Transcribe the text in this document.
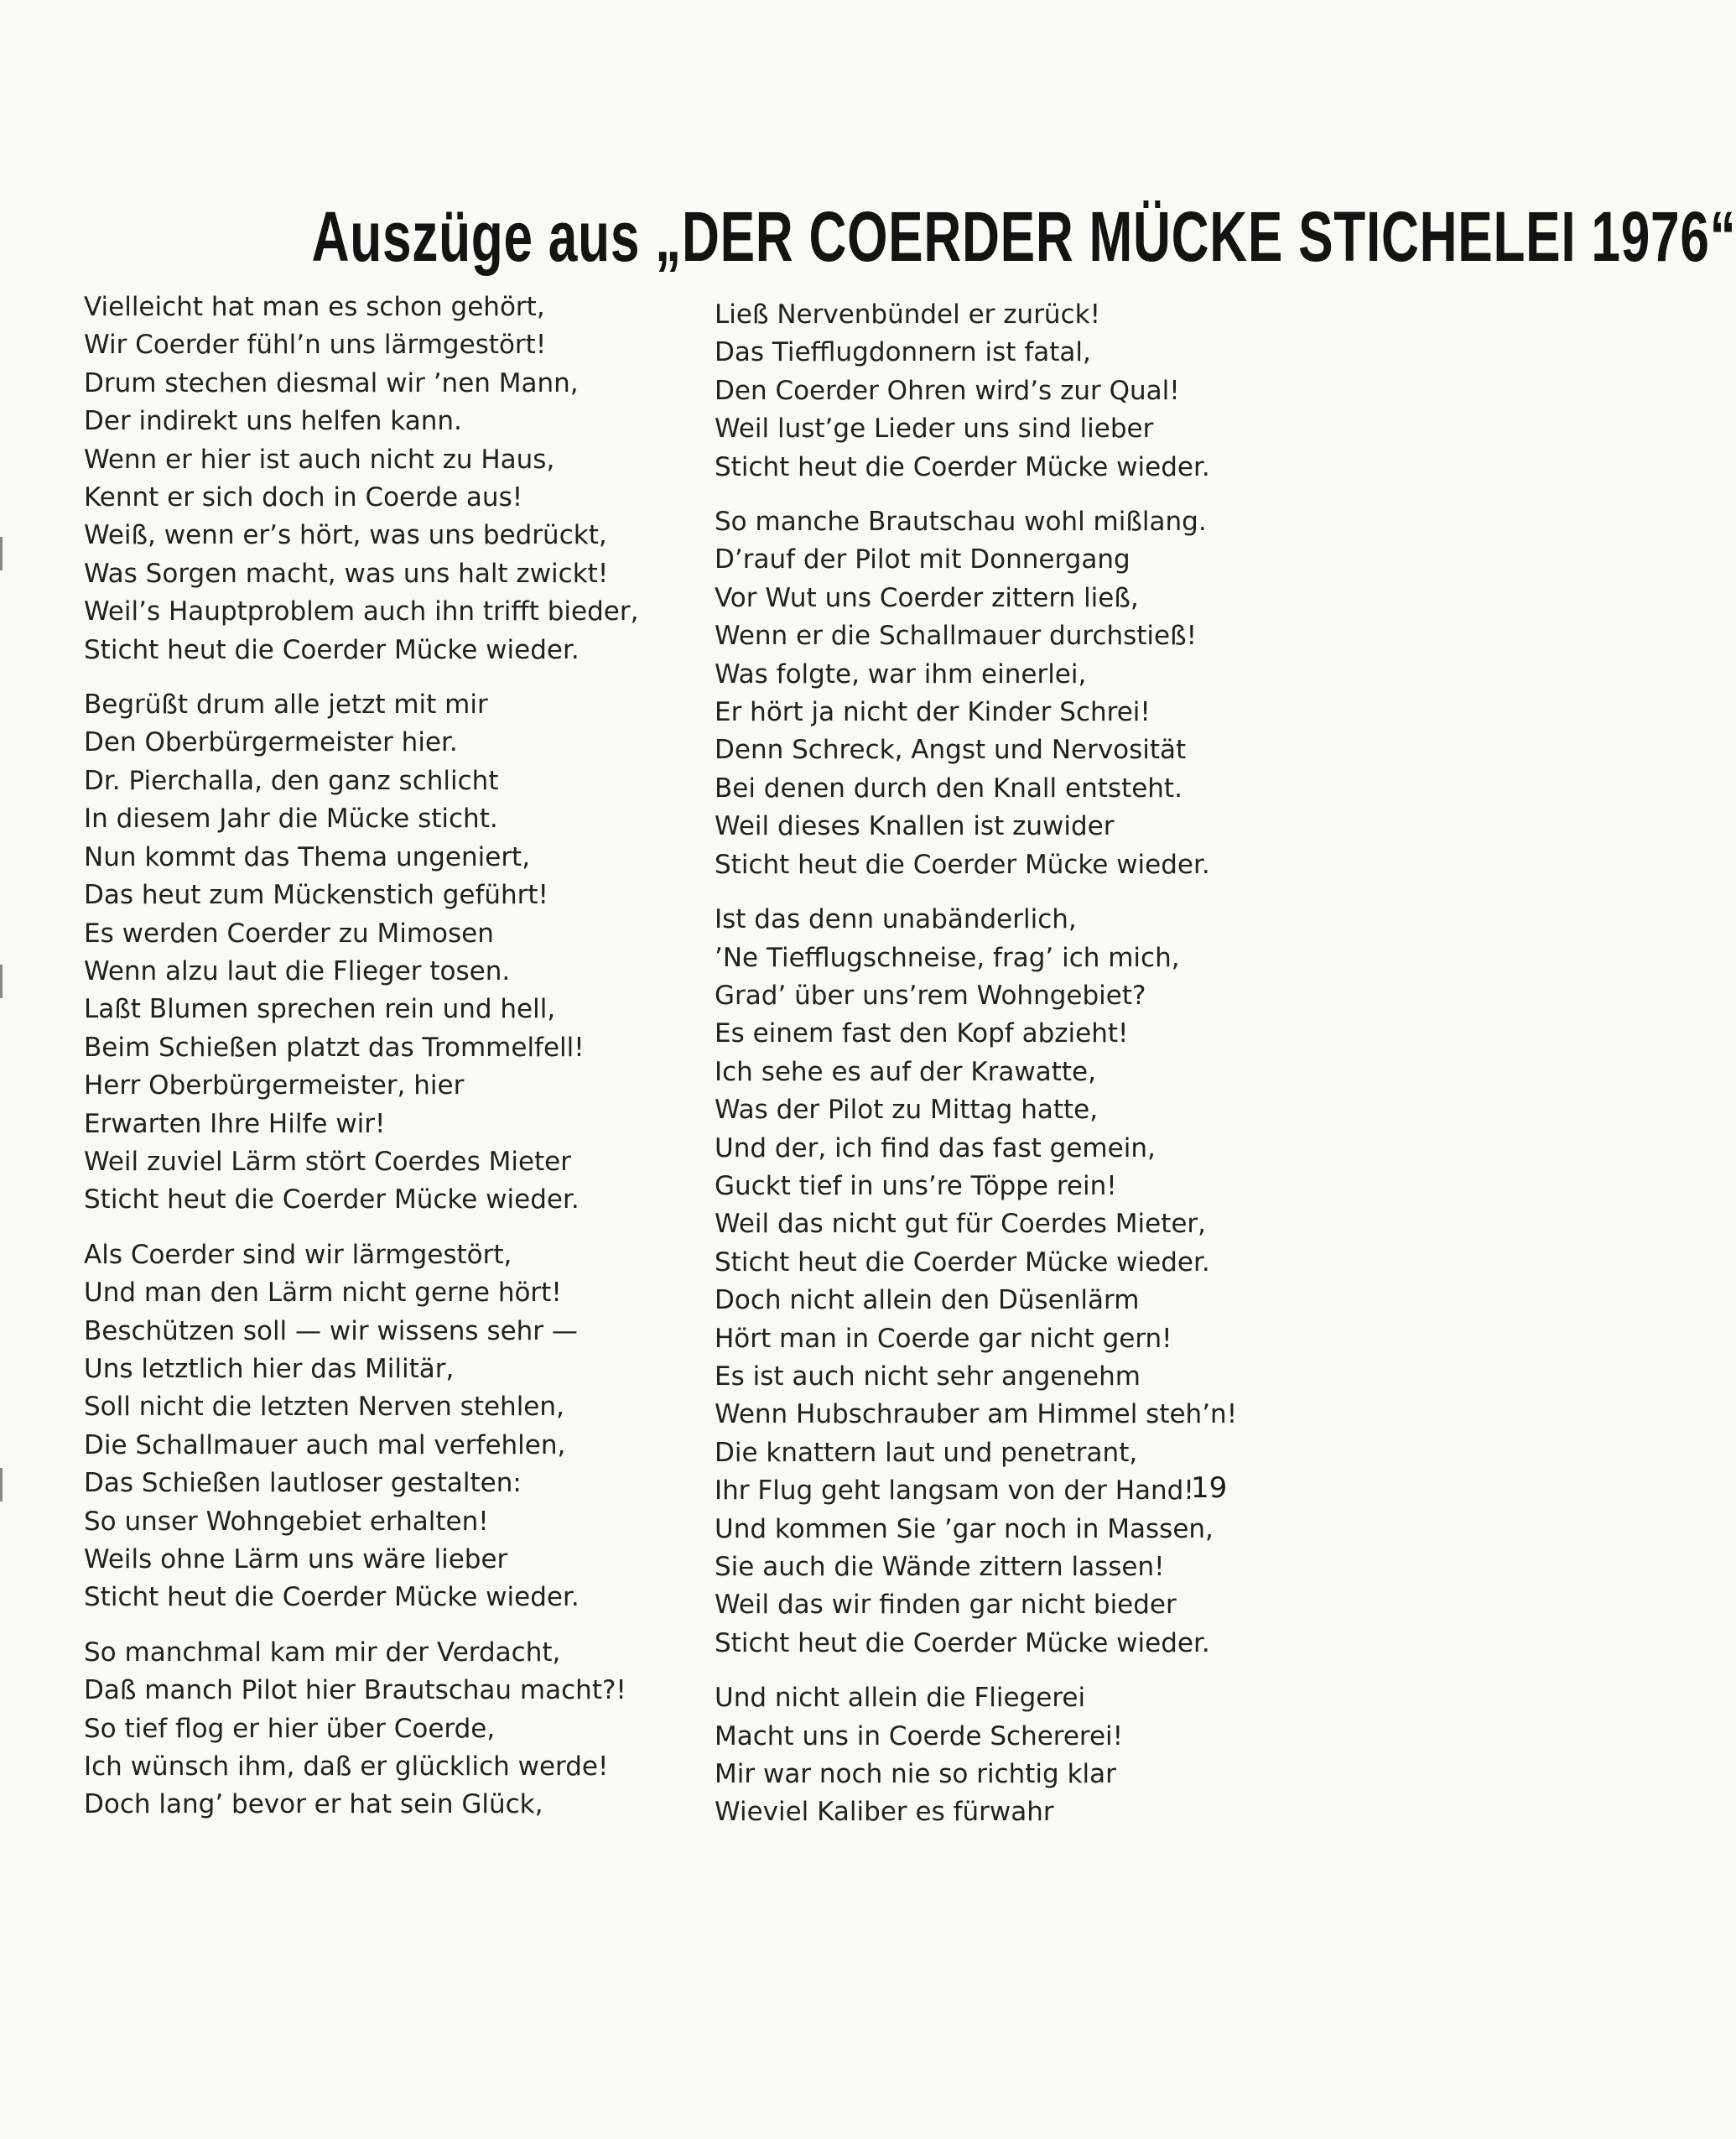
Auszüge aus „DER COERDER MÜCKE STICHELEI 1976“
Vielleicht hat man es schon gehört,
Wir Coerder fühl’n uns lärmgestört!
Drum stechen diesmal wir ’nen Mann,
Der indirekt uns helfen kann.
Wenn er hier ist auch nicht zu Haus,
Kennt er sich doch in Coerde aus!
Weiß, wenn er’s hört, was uns bedrückt,
Was Sorgen macht, was uns halt zwickt!
Weil’s Hauptproblem auch ihn trifft bieder,
Sticht heut die Coerder Mücke wieder.
Begrüßt drum alle jetzt mit mir
Den Oberbürgermeister hier.
Dr. Pierchalla, den ganz schlicht
In diesem Jahr die Mücke sticht.
Nun kommt das Thema ungeniert,
Das heut zum Mückenstich geführt!
Es werden Coerder zu Mimosen
Wenn alzu laut die Flieger tosen.
Laßt Blumen sprechen rein und hell,
Beim Schießen platzt das Trommelfell!
Herr Oberbürgermeister, hier
Erwarten Ihre Hilfe wir!
Weil zuviel Lärm stört Coerdes Mieter
Sticht heut die Coerder Mücke wieder.
Als Coerder sind wir lärmgestört,
Und man den Lärm nicht gerne hört!
Beschützen soll — wir wissens sehr —
Uns letztlich hier das Militär,
Soll nicht die letzten Nerven stehlen,
Die Schallmauer auch mal verfehlen,
Das Schießen lautloser gestalten:
So unser Wohngebiet erhalten!
Weils ohne Lärm uns wäre lieber
Sticht heut die Coerder Mücke wieder.
So manchmal kam mir der Verdacht,
Daß manch Pilot hier Brautschau macht?!
So tief flog er hier über Coerde,
Ich wünsch ihm, daß er glücklich werde!
Doch lang’ bevor er hat sein Glück,
Ließ Nervenbündel er zurück!
Das Tiefflugdonnern ist fatal,
Den Coerder Ohren wird’s zur Qual!
Weil lust’ge Lieder uns sind lieber
Sticht heut die Coerder Mücke wieder.
So manche Brautschau wohl mißlang.
D’rauf der Pilot mit Donnergang
Vor Wut uns Coerder zittern ließ,
Wenn er die Schallmauer durchstieß!
Was folgte, war ihm einerlei,
Er hört ja nicht der Kinder Schrei!
Denn Schreck, Angst und Nervosität
Bei denen durch den Knall entsteht.
Weil dieses Knallen ist zuwider
Sticht heut die Coerder Mücke wieder.
Ist das denn unabänderlich,
’Ne Tiefflugschneise, frag’ ich mich,
Grad’ über uns’rem Wohngebiet?
Es einem fast den Kopf abzieht!
Ich sehe es auf der Krawatte,
Was der Pilot zu Mittag hatte,
Und der, ich find das fast gemein,
Guckt tief in uns’re Töppe rein!
Weil das nicht gut für Coerdes Mieter,
Sticht heut die Coerder Mücke wieder.
Doch nicht allein den Düsenlärm
Hört man in Coerde gar nicht gern!
Es ist auch nicht sehr angenehm
Wenn Hubschrauber am Himmel steh’n!
Die knattern laut und penetrant,
Ihr Flug geht langsam von der Hand!
Und kommen Sie ’gar noch in Massen,
Sie auch die Wände zittern lassen!
Weil das wir finden gar nicht bieder
Sticht heut die Coerder Mücke wieder.
Und nicht allein die Fliegerei
Macht uns in Coerde Schererei!
Mir war noch nie so richtig klar
Wieviel Kaliber es fürwahr
19
